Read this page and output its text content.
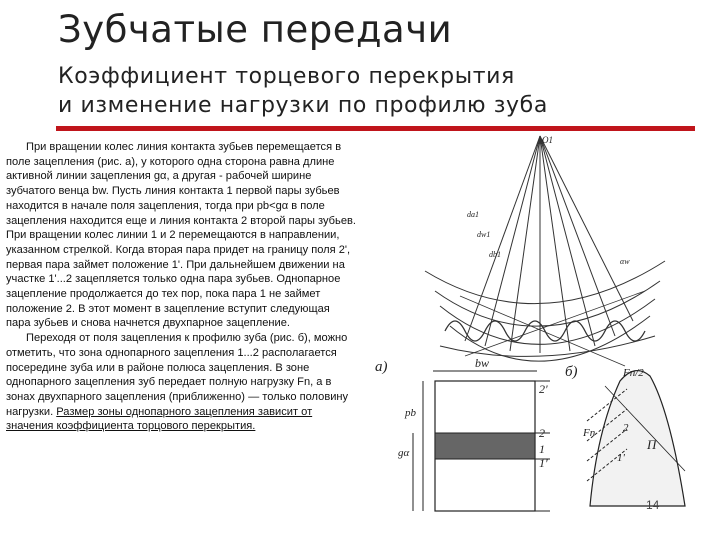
Зубчатые передачи
Коэффициент торцевого перекрытия
и изменение нагрузки по профилю зуба

При вращении колес линия контакта зубьев перемещается в поле зацепления (рис. а), у которого одна сторона равна длине активной линии зацепления gα, а другая - рабочей ширине зубчатого венца bw. Пусть линия контакта 1 первой пары зубьев находится в начале поля зацепления, тогда при pb<gα в поле зацепления находится еще и линия контакта 2 второй пары зубьев. При вращении колес линии 1 и 2 перемещаются в направлении, указанном стрелкой. Когда вторая пара придет на границу поля 2', первая пара займет положение 1'. При дальнейшем движении на участке 1'...2 зацепляется только одна пара зубьев. Однопарное зацепление продолжается до тех пор, пока пара 1 не займет положение 2. В этот момент в зацепление вступит следующая пара зубьев и снова начнется двухпарное зацепление.

Переходя от поля зацепления к профилю зуба (рис. б), можно отметить, что зона однопарного зацепления 1...2 располагается посередине зуба или в районе полюса зацепления. В зоне однопарного зацепления зуб передает полную нагрузку Fn, а в зонах двухпарного зацепления (приближенно) — только половину нагрузки. Размер зоны однопарного зацепления зависит от значения коэффициента торцового перекрытия.

O1
da1
dw1
db1
αw
а)	bw
gα
pb
2'
2
1
1'
б)	Fn/2
Fn
П
2
1'
14
